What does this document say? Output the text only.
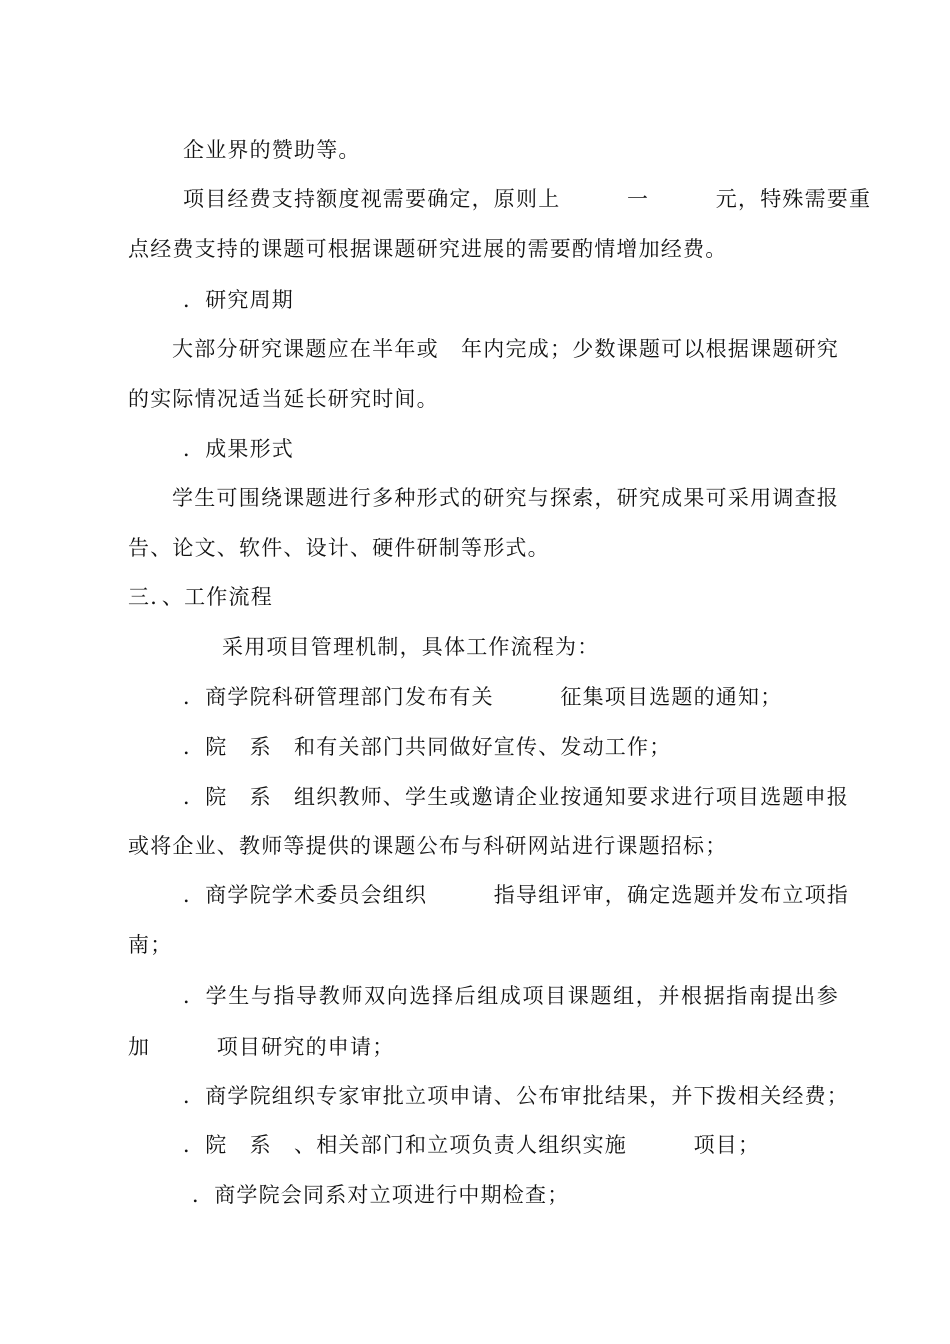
企业界的赞助等。
项目经费支持额度视需要确定，原则上　　　一　　　元，特殊需要重
点经费支持的课题可根据课题研究进展的需要酌情增加经费。
．研究周期
大部分研究课题应在半年或　年内完成；少数课题可以根据课题研究
的实际情况适当延长研究时间。
．成果形式
学生可围绕课题进行多种形式的研究与探索，研究成果可采用调查报
告、论文、软件、设计、硬件研制等形式。
三．、工作流程
采用项目管理机制，具体工作流程为：
．商学院科研管理部门发布有关　　　征集项目选题的通知；
．院　系　和有关部门共同做好宣传、发动工作；
．院　系　组织教师、学生或邀请企业按通知要求进行项目选题申报
或将企业、教师等提供的课题公布与科研网站进行课题招标；
．商学院学术委员会组织　　　指导组评审，确定选题并发布立项指
南；
．学生与指导教师双向选择后组成项目课题组，并根据指南提出参
加　　　项目研究的申请；
．商学院组织专家审批立项申请、公布审批结果，并下拨相关经费；
．院　系　、相关部门和立项负责人组织实施　　　项目；
．商学院会同系对立项进行中期检查；
